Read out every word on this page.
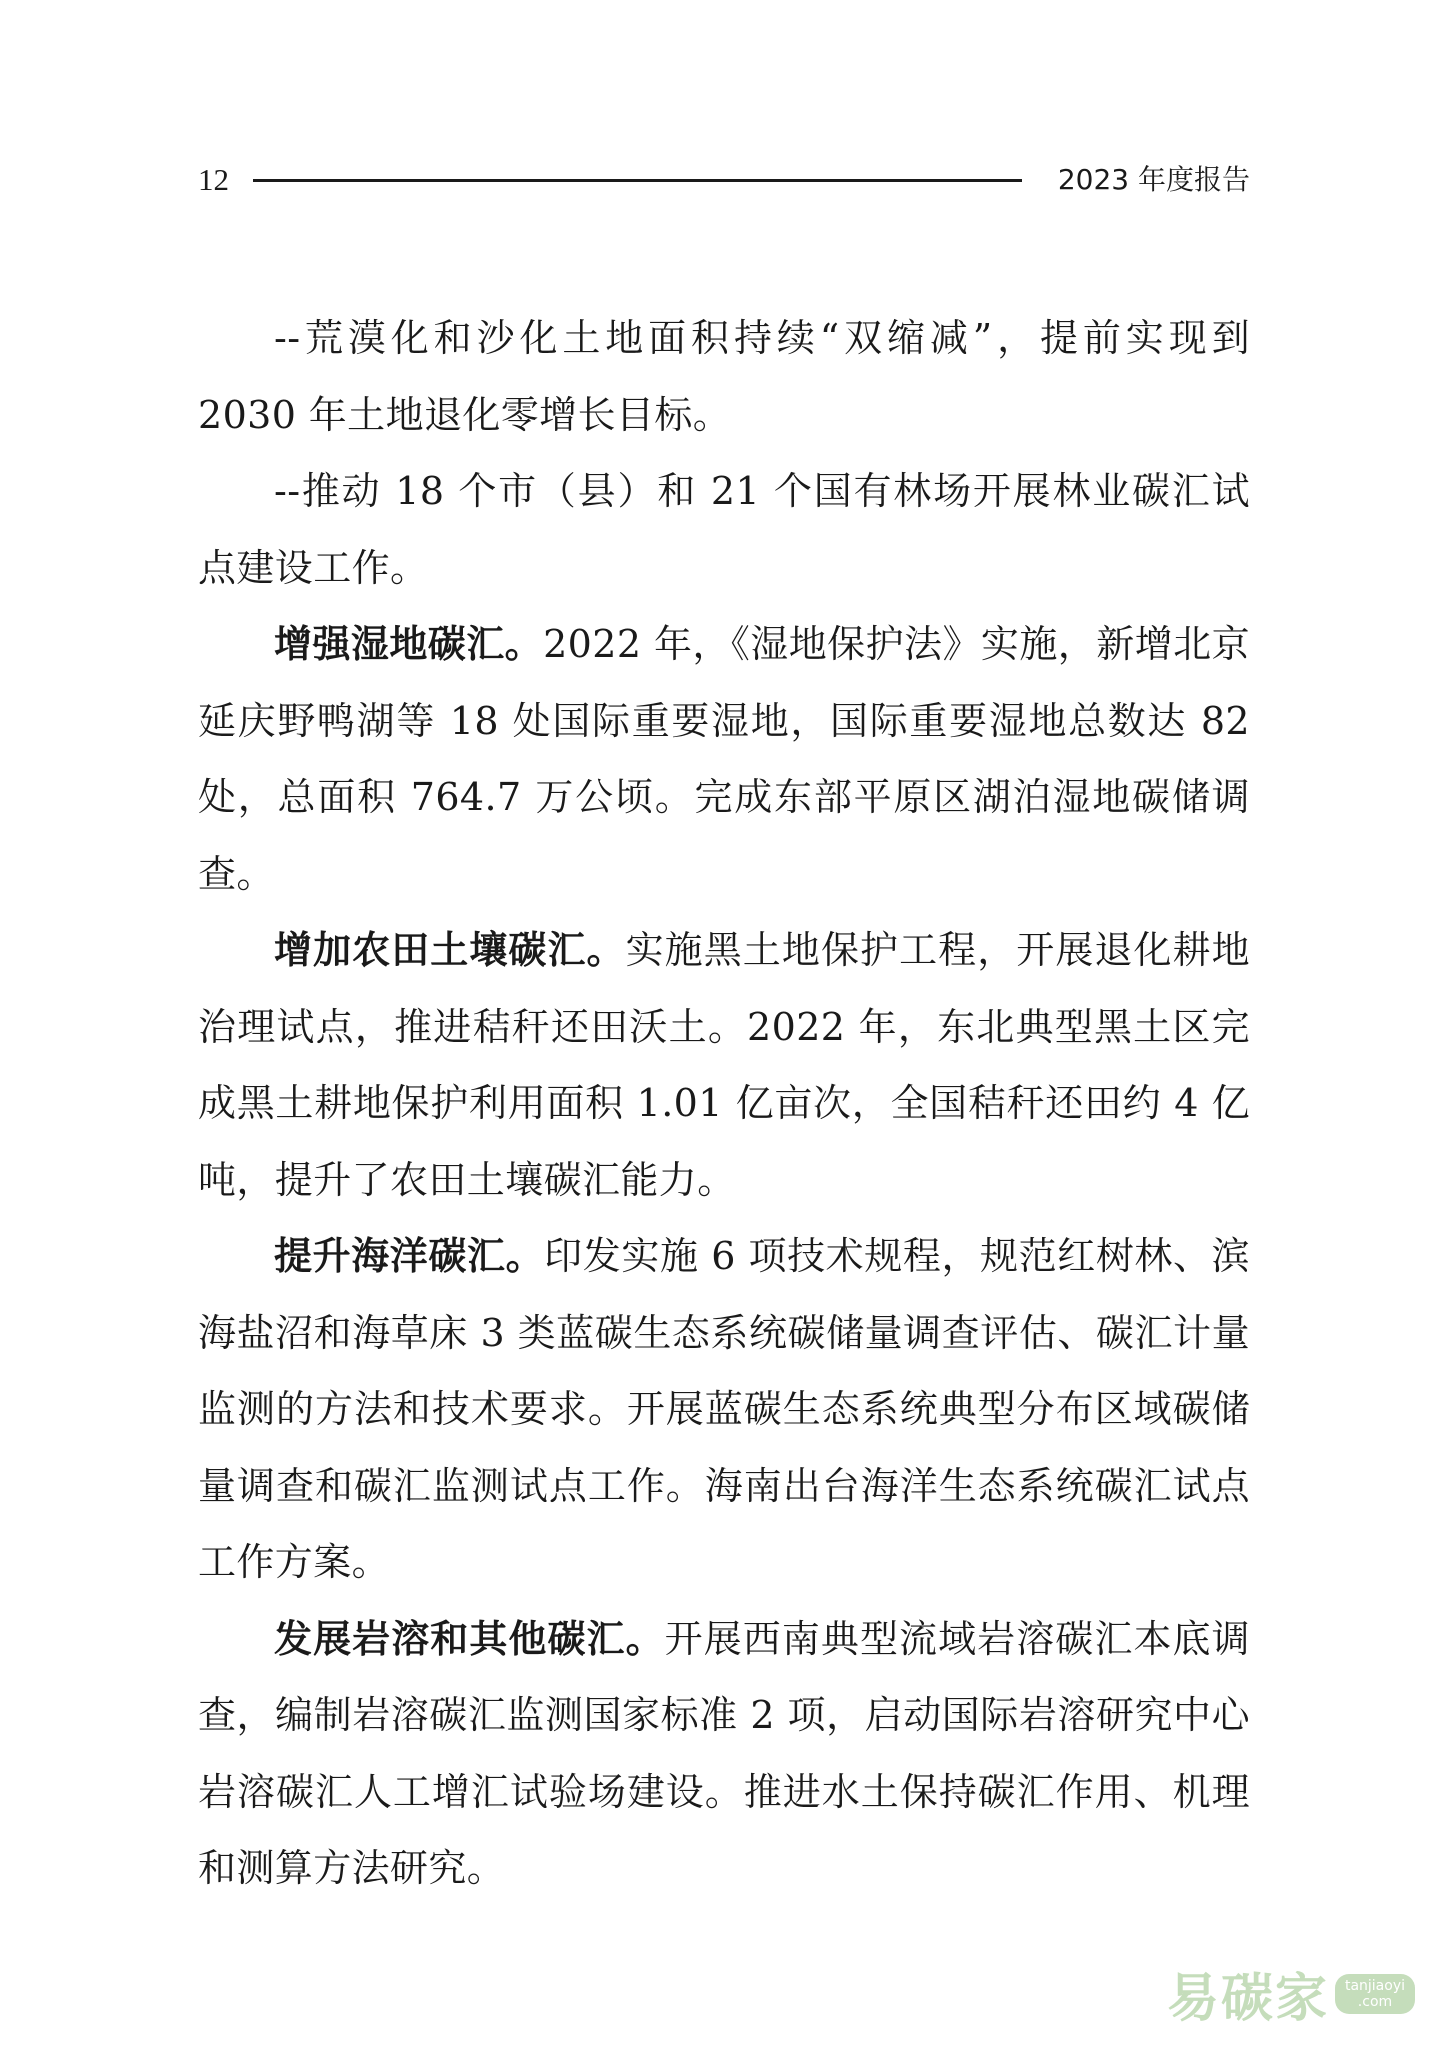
12	2023 年度报告

--荒漠化和沙化土地面积持续“双缩减”，提前实现到 2030 年土地退化零增长目标。

--推动 18 个市（县）和 21 个国有林场开展林业碳汇试点建设工作。

增强湿地碳汇。2022 年，《湿地保护法》实施，新增北京延庆野鸭湖等 18 处国际重要湿地，国际重要湿地总数达 82 处，总面积 764.7 万公顷。完成东部平原区湖泊湿地碳储调查。

增加农田土壤碳汇。实施黑土地保护工程，开展退化耕地治理试点，推进秸秆还田沃土。2022 年，东北典型黑土区完成黑土耕地保护利用面积 1.01 亿亩次，全国秸秆还田约 4 亿吨，提升了农田土壤碳汇能力。

提升海洋碳汇。印发实施 6 项技术规程，规范红树林、滨海盐沼和海草床 3 类蓝碳生态系统碳储量调查评估、碳汇计量监测的方法和技术要求。开展蓝碳生态系统典型分布区域碳储量调查和碳汇监测试点工作。海南出台海洋生态系统碳汇试点工作方案。

发展岩溶和其他碳汇。开展西南典型流域岩溶碳汇本底调查，编制岩溶碳汇监测国家标准 2 项，启动国际岩溶研究中心岩溶碳汇人工增汇试验场建设。推进水土保持碳汇作用、机理和测算方法研究。

易碳家	tanjiaoyi
.com
